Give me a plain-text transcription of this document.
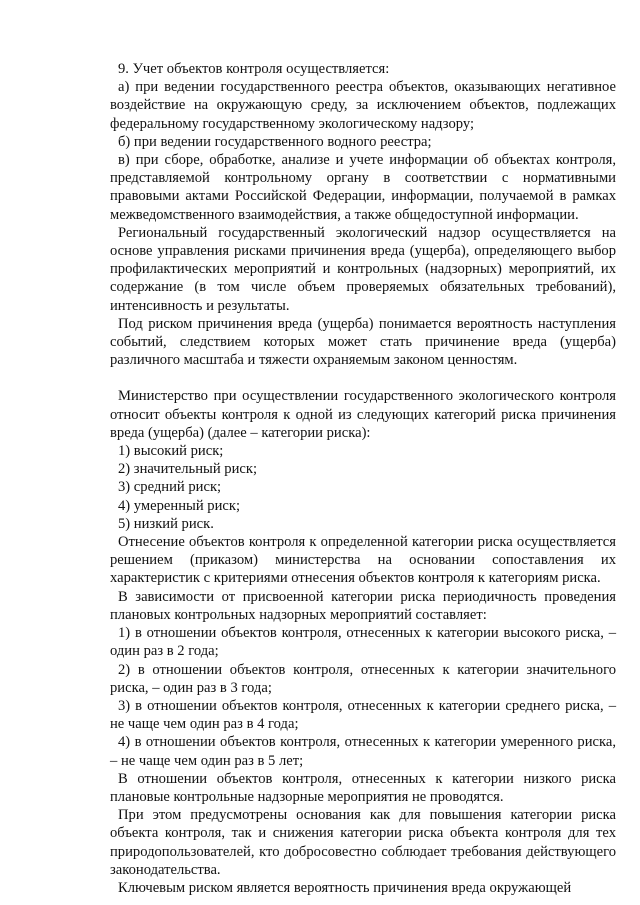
9. Учет объектов контроля осуществляется:

а) при ведении государственного реестра объектов, оказывающих негативное воздействие на окружающую среду, за исключением объектов, подлежащих федеральному государственному экологическому надзору;

б) при ведении государственного водного реестра;

в) при сборе, обработке, анализе и учете информации об объектах контроля, представляемой контрольному органу в соответствии с нормативными правовыми актами Российской Федерации, информации, получаемой в рамках межведомственного взаимодействия, а также общедоступной информации.

Региональный государственный экологический надзор осуществляется на основе управления рисками причинения вреда (ущерба), определяющего выбор профилактических мероприятий и контрольных (надзорных) мероприятий, их содержание (в том числе объем проверяемых обязательных требований), интенсивность и результаты.

Под риском причинения вреда (ущерба) понимается вероятность наступления событий, следствием которых может стать причинение вреда (ущерба) различного масштаба и тяжести охраняемым законом ценностям.

Министерство при осуществлении государственного экологического контроля относит объекты контроля к одной из следующих категорий риска причинения вреда (ущерба) (далее – категории риска):

1) высокий риск;

2) значительный риск;

3) средний риск;

4) умеренный риск;

5) низкий риск.

Отнесение объектов контроля к определенной категории риска осуществляется решением (приказом) министерства на основании сопоставления их характеристик с критериями отнесения объектов контроля к категориям риска.

В зависимости от присвоенной категории риска периодичность проведения плановых контрольных надзорных мероприятий составляет:

1) в отношении объектов контроля, отнесенных к категории высокого риска, – один раз в 2 года;

2) в отношении объектов контроля, отнесенных к категории значительного риска, – один раз в 3 года;

3) в отношении объектов контроля, отнесенных к категории среднего риска, – не чаще чем один раз в 4 года;

4) в отношении объектов контроля, отнесенных к категории умеренного риска, – не чаще чем один раз в 5 лет;

В отношении объектов контроля, отнесенных к категории низкого риска плановые контрольные надзорные мероприятия не проводятся.

При этом предусмотрены основания как для повышения категории риска объекта контроля, так и снижения категории риска объекта контроля для тех природопользователей, кто добросовестно соблюдает требования действующего законодательства.

Ключевым риском является вероятность причинения вреда окружающей
